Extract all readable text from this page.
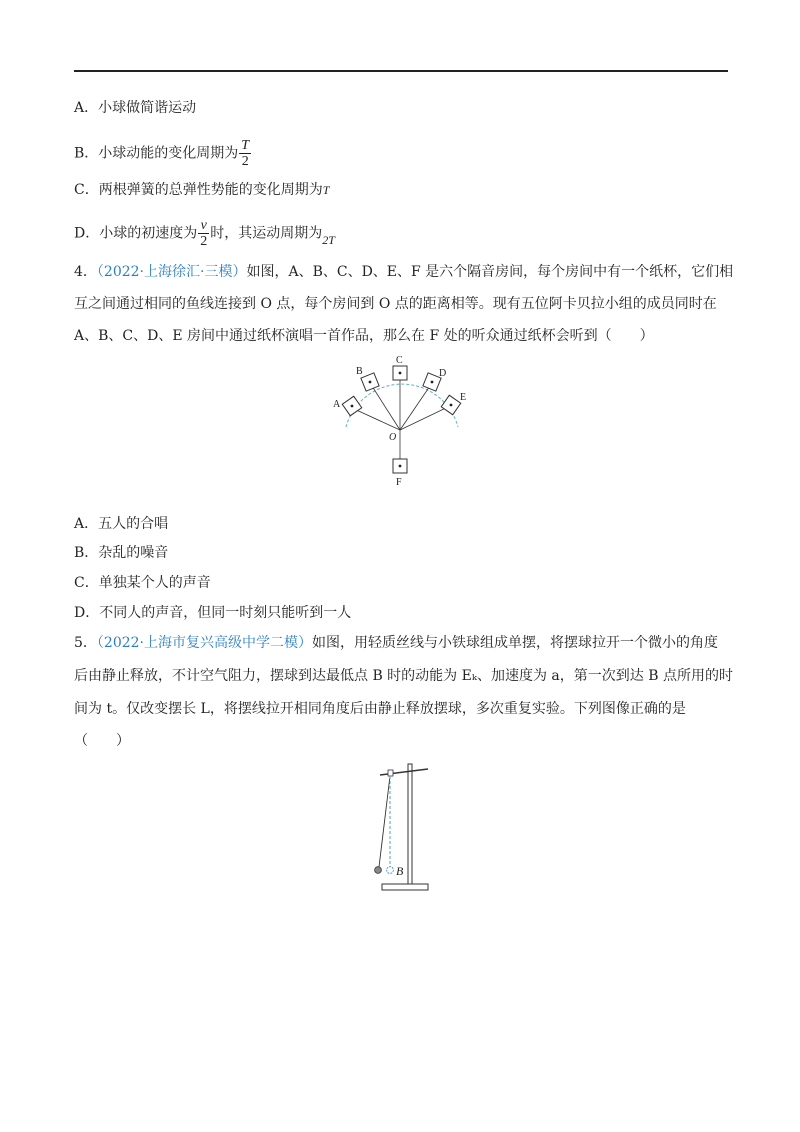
A．小球做简谐运动
B．小球动能的变化周期为 $\frac{T}{2}$
C．两根弹簧的总弹性势能的变化周期为T
D．小球的初速度为 $\frac{v}{2}$ 时，其运动周期为2T
4．（2022·上海徐汇·三模）如图，A、B、C、D、E、F 是六个隔音房间，每个房间中有一个纸杯，它们相
互之间通过相同的鱼线连接到 O 点，每个房间到 O 点的距离相等。现有五位阿卡贝拉小组的成员同时在
A、B、C、D、E 房间中通过纸杯演唱一首作品，那么在 F 处的听众通过纸杯会听到（　　）
A
B
C
D
E
O
F
A．五人的合唱
B．杂乱的噪音
C．单独某个人的声音
D．不同人的声音，但同一时刻只能听到一人
5．（2022·上海市复兴高级中学二模）如图，用轻质丝线与小铁球组成单摆，将摆球拉开一个微小的角度
后由静止释放，不计空气阻力，摆球到达最低点 B 时的动能为 Eₖ、加速度为 a，第一次到达 B 点所用的时
间为 t。仅改变摆长 L，将摆线拉开相同角度后由静止释放摆球，多次重复实验。下列图像正确的是
（　　）
B
